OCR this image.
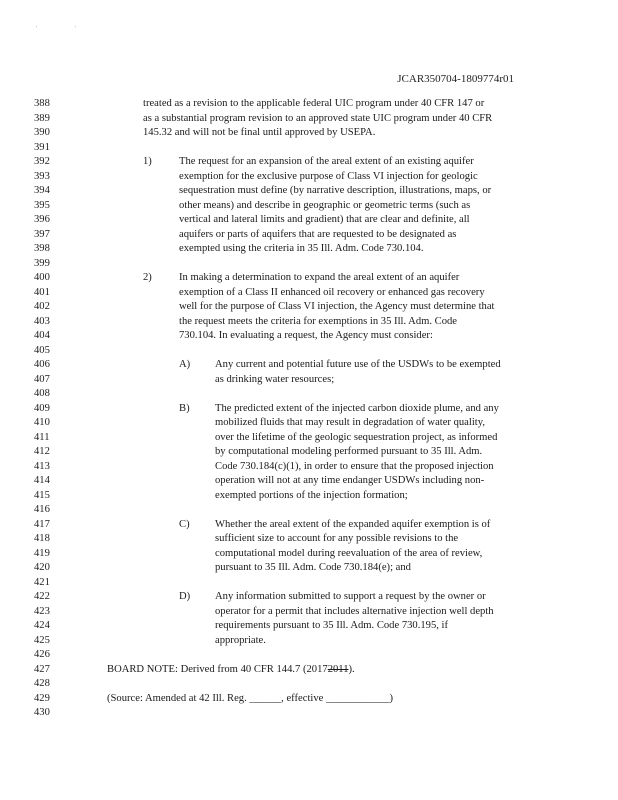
' '
JCAR350704-1809774r01
388	treated as a revision to the applicable federal UIC program under 40 CFR 147 or
389	as a substantial program revision to an approved state UIC program under 40 CFR
390	145.32 and will not be final until approved by USEPA.
391
392	1)	The request for an expansion of the areal extent of an existing aquifer
393	exemption for the exclusive purpose of Class VI injection for geologic
394	sequestration must define (by narrative description, illustrations, maps, or
395	other means) and describe in geographic or geometric terms (such as
396	vertical and lateral limits and gradient) that are clear and definite, all
397	aquifers or parts of aquifers that are requested to be designated as
398	exempted using the criteria in 35 Ill. Adm. Code 730.104.
399
400	2)	In making a determination to expand the areal extent of an aquifer
401	exemption of a Class II enhanced oil recovery or enhanced gas recovery
402	well for the purpose of Class VI injection, the Agency must determine that
403	the request meets the criteria for exemptions in 35 Ill. Adm. Code
404	730.104. In evaluating a request, the Agency must consider:
405
406	A) Any current and potential future use of the USDWs to be exempted
407	as drinking water resources;
408
409	B) The predicted extent of the injected carbon dioxide plume, and any
410	mobilized fluids that may result in degradation of water quality,
411	over the lifetime of the geologic sequestration project, as informed
412	by computational modeling performed pursuant to 35 Ill. Adm.
413	Code 730.184(c)(1), in order to ensure that the proposed injection
414	operation will not at any time endanger USDWs including non-
415	exempted portions of the injection formation;
416
417	C) Whether the areal extent of the expanded aquifer exemption is of
418	sufficient size to account for any possible revisions to the
419	computational model during reevaluation of the area of review,
420	pursuant to 35 Ill. Adm. Code 730.184(e); and
421
422	D) Any information submitted to support a request by the owner or
423	operator for a permit that includes alternative injection well depth
424	requirements pursuant to 35 Ill. Adm. Code 730.195, if
425	appropriate.
426
427	BOARD NOTE: Derived from 40 CFR 144.7 (20172011).
428
429	(Source: Amended at 42 Ill. Reg. ______, effective ____________)
430
